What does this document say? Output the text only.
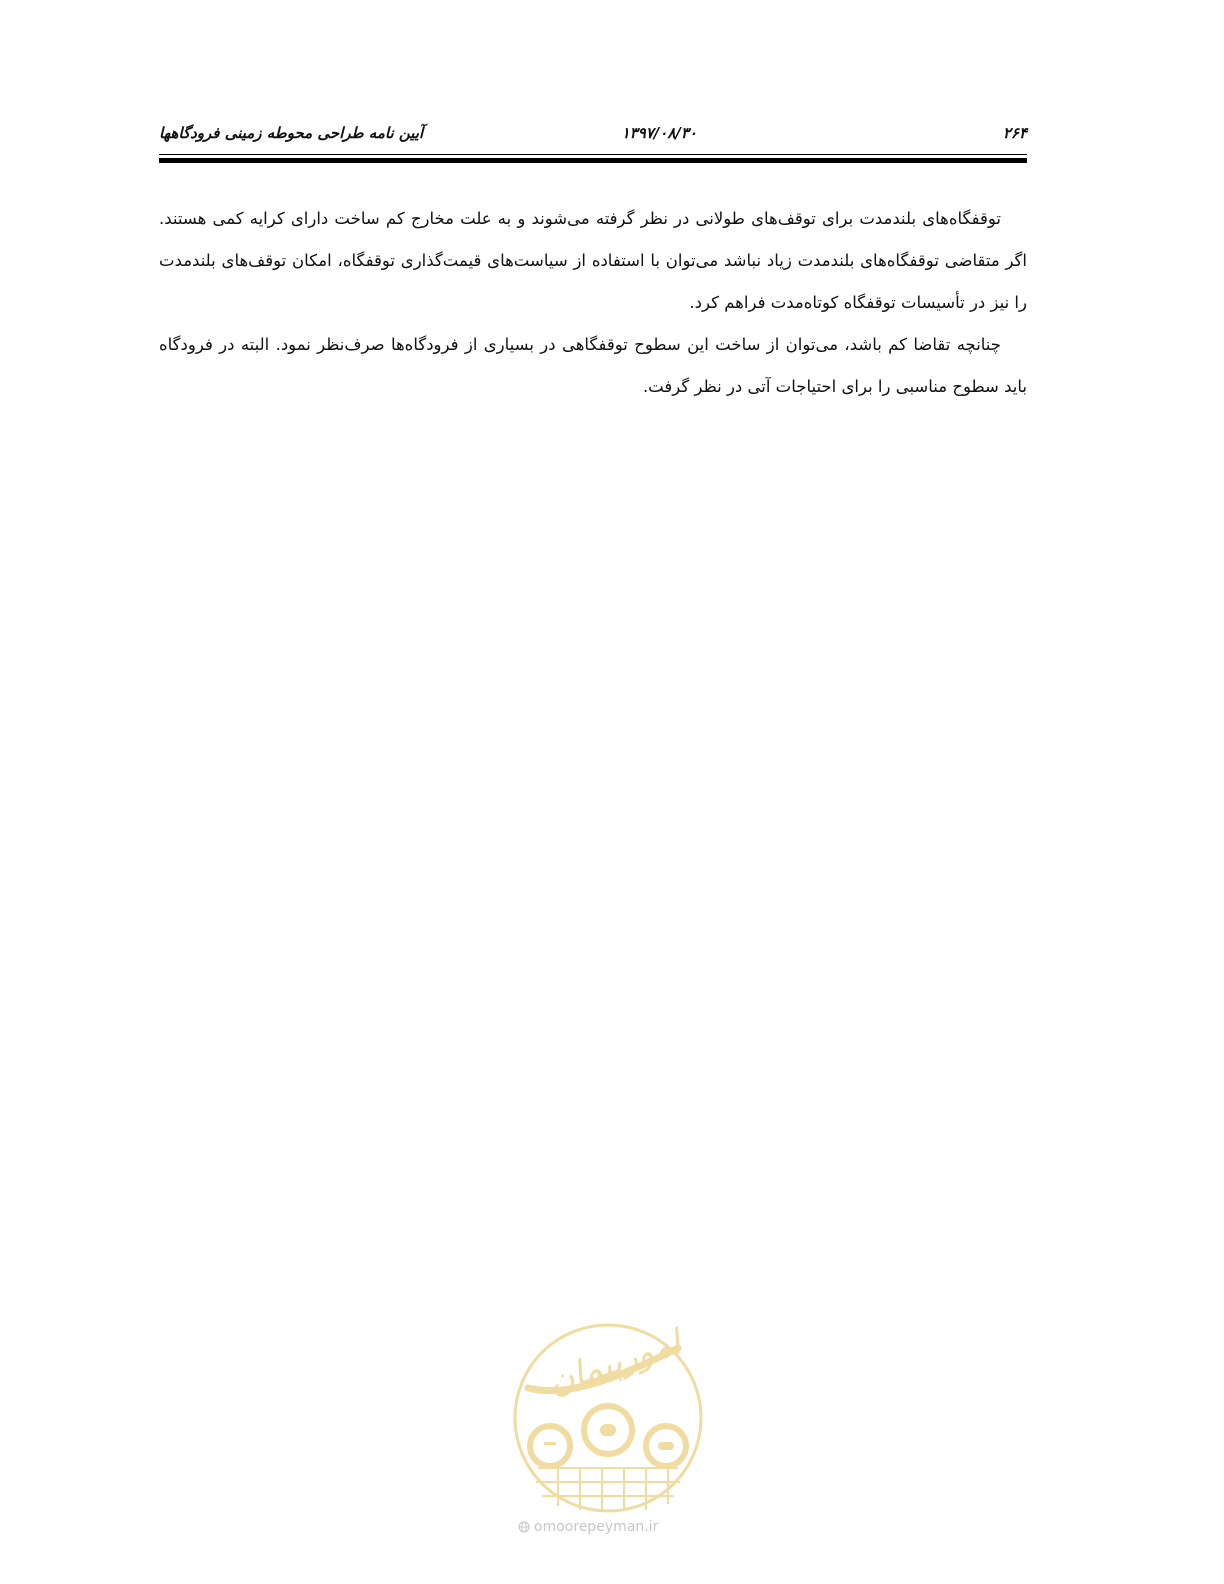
۲۶۴
۱۳۹۷/۰۸/۳۰
آیین نامه طراحی محوطه زمینی فرودگاهها

توقفگاه‌های بلندمدت برای توقف‌های طولانی در نظر گرفته می‌شوند و به علت مخارج کم ساخت دارای کرایه کمی هستند. اگر متقاضی توقفگاه‌های بلندمدت زیاد نباشد می‌توان با استفاده از سیاست‌های قیمت‌گذاری توقفگاه، امکان توقف‌های بلندمدت را نیز در تأسیسات توقفگاه کوتاه‌مدت فراهم کرد.

چنانچه تقاضا کم باشد، می‌توان از ساخت این سطوح توقفگاهی در بسیاری از فرودگاه‌ها صرف‌نظر نمود. البته در فرودگاه باید سطوح مناسبی را برای احتیاجات آتی در نظر گرفت.

امورپیمان
omoorepeyman.ir
